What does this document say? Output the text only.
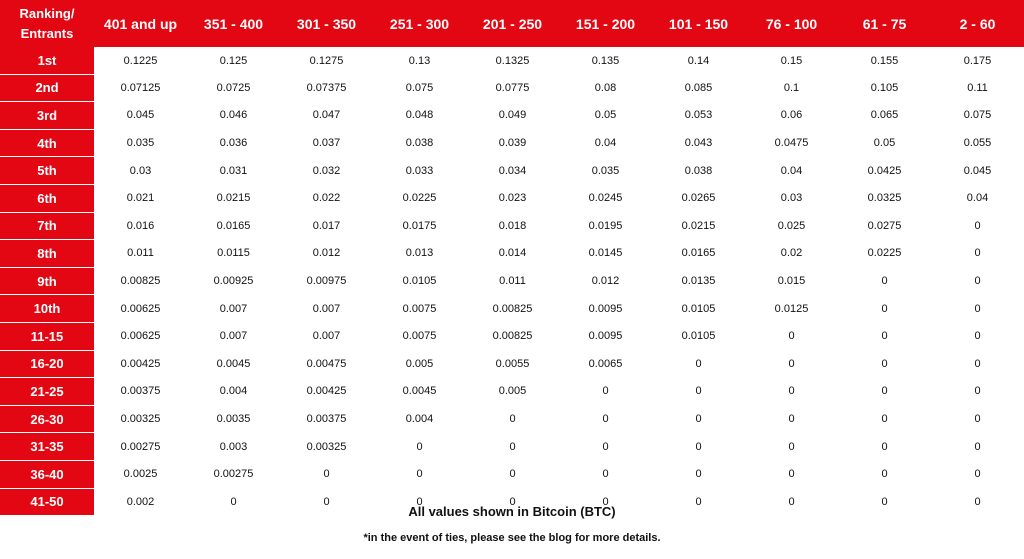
Ranking/ Entrants	401 and up	351 - 400	301 - 350	251 - 300	201 - 250	151 - 200	101 - 150	76 - 100	61 - 75	2 - 60
1st	0.1225	0.125	0.1275	0.13	0.1325	0.135	0.14	0.15	0.155	0.175
2nd	0.07125	0.0725	0.07375	0.075	0.0775	0.08	0.085	0.1	0.105	0.11
3rd	0.045	0.046	0.047	0.048	0.049	0.05	0.053	0.06	0.065	0.075
4th	0.035	0.036	0.037	0.038	0.039	0.04	0.043	0.0475	0.05	0.055
5th	0.03	0.031	0.032	0.033	0.034	0.035	0.038	0.04	0.0425	0.045
6th	0.021	0.0215	0.022	0.0225	0.023	0.0245	0.0265	0.03	0.0325	0.04
7th	0.016	0.0165	0.017	0.0175	0.018	0.0195	0.0215	0.025	0.0275	0
8th	0.011	0.0115	0.012	0.013	0.014	0.0145	0.0165	0.02	0.0225	0
9th	0.00825	0.00925	0.00975	0.0105	0.011	0.012	0.0135	0.015	0	0
10th	0.00625	0.007	0.007	0.0075	0.00825	0.0095	0.0105	0.0125	0	0
11-15	0.00625	0.007	0.007	0.0075	0.00825	0.0095	0.0105	0	0	0
16-20	0.00425	0.0045	0.00475	0.005	0.0055	0.0065	0	0	0	0
21-25	0.00375	0.004	0.00425	0.0045	0.005	0	0	0	0	0
26-30	0.00325	0.0035	0.00375	0.004	0	0	0	0	0	0
31-35	0.00275	0.003	0.00325	0	0	0	0	0	0	0
36-40	0.0025	0.00275	0	0	0	0	0	0	0	0
41-50	0.002	0	0	0	0	0	0	0	0	0
All values shown in Bitcoin (BTC)
*in the event of ties, please see the blog for more details.
